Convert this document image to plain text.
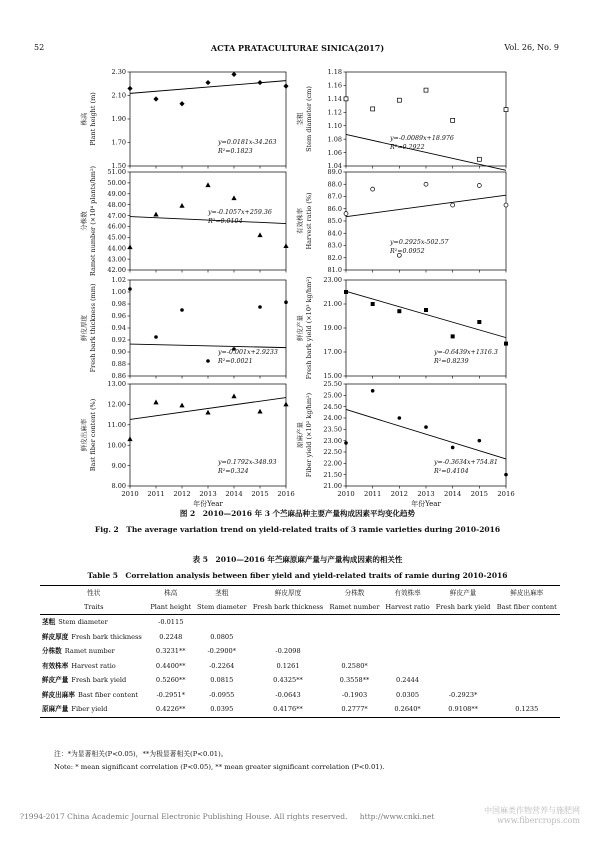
52	ACTA PRATACULTURAE SINICA(2017)	Vol. 26, No. 9
1.50
1.70
1.90
2.10
2.30
株高 Plant height (m)	y=0.0181x-34.263
R²=0.1823
42.00
43.00
44.00
45.00
46.00
47.00
48.00
49.00
50.00
51.00
分株数 Ramet number (×10⁴ plants/hm²)	y=-0.1057x+259.36
R²=0.0104
0.86
0.88
0.90
0.92
0.94
0.96
0.98
1.00
1.02
鲜皮厚度 Fresh bark thickness (mm)	y=-0.001x+2.9233
R²=0.0021
8.00
9.00
10.00
11.00
12.00
13.00
鲜皮出麻率 Bast fiber content (%)	y=0.1792x-348.93
R²=0.324
1.04
1.06
1.08
1.10
1.12
1.14
1.16
1.18
茎粗 Stem diameter (cm)	y=-0.0089x+18.976
R²=0.2922
81.0
82.0
83.0
84.0
85.0
86.0
87.0
88.0
89.0
有效株率 Harvest ratio (%)	y=0.2925x-502.57
R²=0.0952
15.00
17.00
19.00
21.00
23.00
鲜皮产量 Fresh bark yield (×10³ kg/hm²)	y=-0.6439x+1316.3
R²=0.8239
21.00
21.50
22.00
22.50
23.00
23.50
24.00
24.50
25.00
25.50
原麻产量 Fiber yield (×10² kg/hm²)	y=-0.3634x+754.81
R²=0.4104
2010 2011 2012 2013 2014 2015 2016
年份Year
2010 2011 2012 2013 2014 2015 2016
年份Year
图 2　2010—2016 年 3 个苎麻品种主要产量构成因素平均变化趋势
Fig. 2　The average variation trend on yield-related traits of 3 ramie varieties during 2010-2016
表 5　2010—2016 年苎麻原麻产量与产量构成因素的相关性
Table 5　Correlation analysis between fiber yield and yield-related traits of ramie during 2010-2016
性状	株高	茎粗	鲜皮厚度	分株数	有效株率	鲜皮产量	鲜皮出麻率
Traits	Plant height	Stem diameter	Fresh bark thickness	Ramet number	Harvest ratio	Fresh bark yield	Bast fiber content
茎粗 Stem diameter	-0.0115						
鲜皮厚度 Fresh bark thickness	0.2248	0.0805					
分株数 Ramet number	0.3231**	-0.2900*	-0.2098				
有效株率 Harvest ratio	0.4400**	-0.2264	0.1261	0.2580*			
鲜皮产量 Fresh bark yield	0.5260**	0.0815	0.4325**	0.3558**	0.2444		
鲜皮出麻率 Bast fiber content	-0.2951*	-0.0955	-0.0643	-0.1903	0.0305	-0.2923*	
原麻产量 Fiber yield	0.4226**	0.0395	0.4176**	0.2777*	0.2640*	0.9108**	0.1235
注：*为显著相关(P<0.05)，**为极显著相关(P<0.01)。
Note: * mean significant correlation (P<0.05), ** mean greater significant correlation (P<0.01).
?1994-2017 China Academic Journal Electronic Publishing House. All rights reserved. http://www.cnki.net
中国麻类作物营养与施肥网
www.fibercrops.com
